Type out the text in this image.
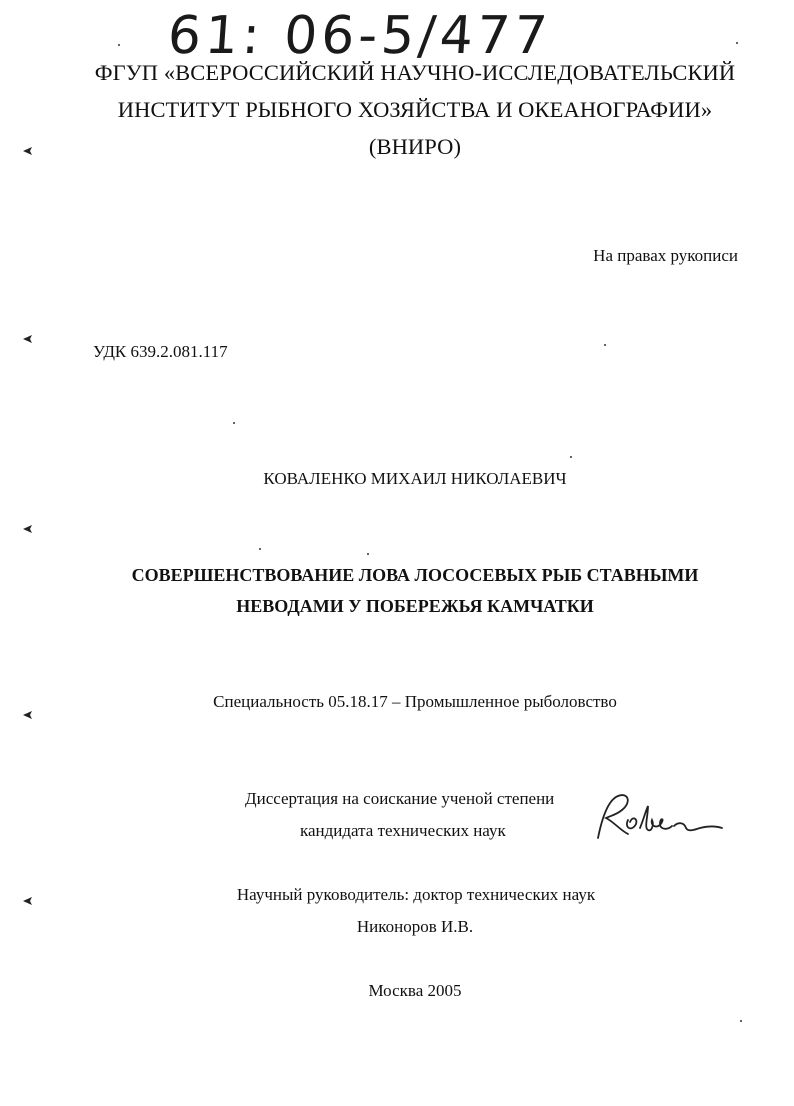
61: 06-5/477
ФГУП «ВСЕРОССИЙСКИЙ НАУЧНО-ИССЛЕДОВАТЕЛЬСКИЙ
ИНСТИТУТ РЫБНОГО ХОЗЯЙСТВА И ОКЕАНОГРАФИИ»
(ВНИРО)
На правах рукописи
УДК 639.2.081.117
КОВАЛЕНКО МИХАИЛ НИКОЛАЕВИЧ
СОВЕРШЕНСТВОВАНИЕ ЛОВА ЛОСОСЕВЫХ РЫБ СТАВНЫМИ
НЕВОДАМИ У ПОБЕРЕЖЬЯ КАМЧАТКИ
Специальность 05.18.17 – Промышленное рыболовство
Диссертация на соискание ученой степени
кандидата технических наук
Научный руководитель: доктор технических наук
Никоноров И.В.
Москва 2005
